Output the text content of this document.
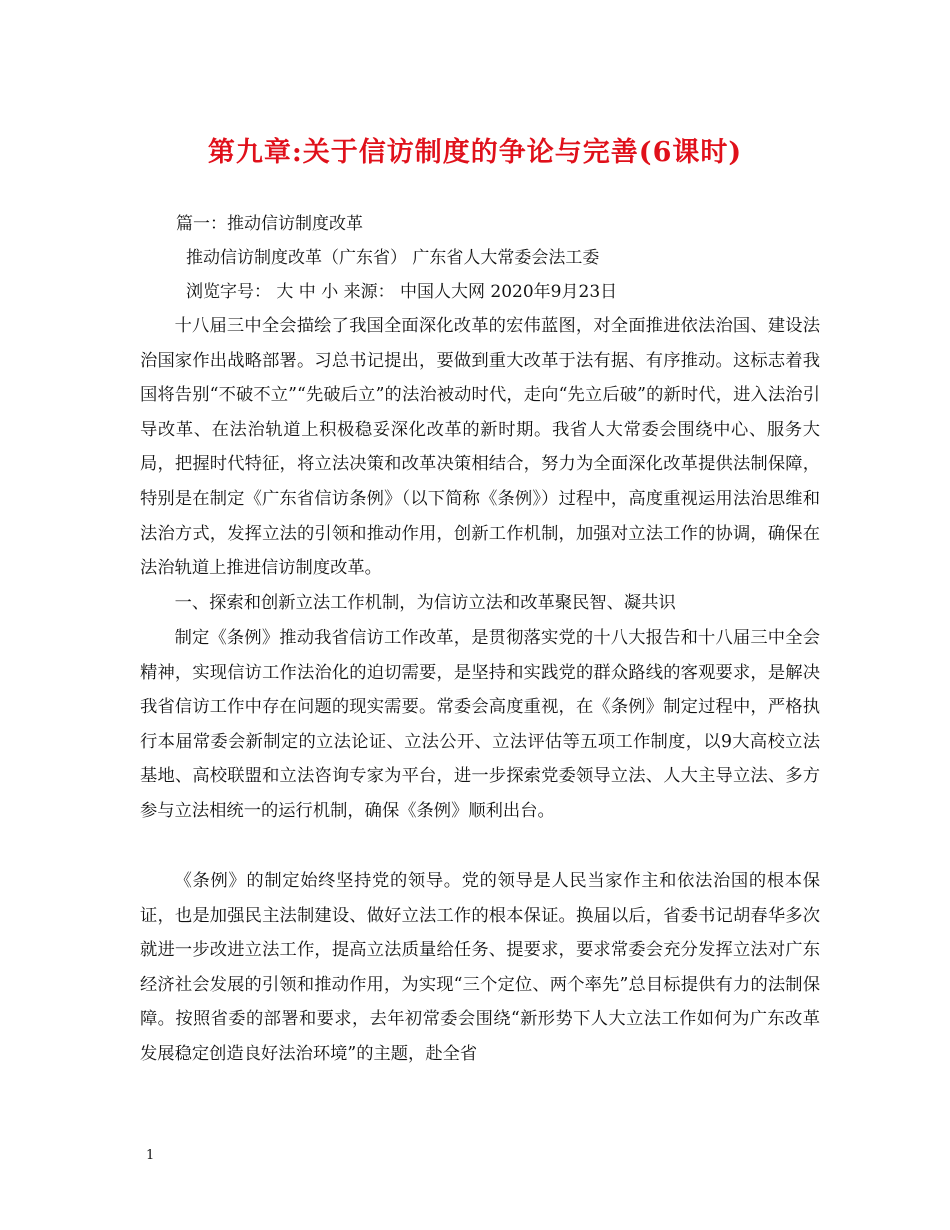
第九章:关于信访制度的争论与完善(6课时)
篇一：推动信访制度改革
推动信访制度改革（广东省） 广东省人大常委会法工委
浏览字号： 大 中 小 来源： 中国人大网 2020年9月23日

十八届三中全会描绘了我国全面深化改革的宏伟蓝图，对全面推进依法治国、建设法治国家作出战略部署。习总书记提出，要做到重大改革于法有据、有序推动。这标志着我国将告别“不破不立”“先破后立”的法治被动时代，走向“先立后破”的新时代，进入法治引导改革、在法治轨道上积极稳妥深化改革的新时期。我省人大常委会围绕中心、服务大局，把握时代特征，将立法决策和改革决策相结合，努力为全面深化改革提供法制保障，特别是在制定《广东省信访条例》（以下简称《条例》）过程中，高度重视运用法治思维和法治方式，发挥立法的引领和推动作用，创新工作机制，加强对立法工作的协调，确保在法治轨道上推进信访制度改革。

一、探索和创新立法工作机制，为信访立法和改革聚民智、凝共识

制定《条例》推动我省信访工作改革，是贯彻落实党的十八大报告和十八届三中全会精神，实现信访工作法治化的迫切需要，是坚持和实践党的群众路线的客观要求，是解决我省信访工作中存在问题的现实需要。常委会高度重视，在《条例》制定过程中，严格执行本届常委会新制定的立法论证、立法公开、立法评估等五项工作制度，以9大高校立法基地、高校联盟和立法咨询专家为平台，进一步探索党委领导立法、人大主导立法、多方参与立法相统一的运行机制，确保《条例》顺利出台。

《条例》的制定始终坚持党的领导。党的领导是人民当家作主和依法治国的根本保证，也是加强民主法制建设、做好立法工作的根本保证。换届以后，省委书记胡春华多次就进一步改进立法工作，提高立法质量给任务、提要求，要求常委会充分发挥立法对广东经济社会发展的引领和推动作用，为实现“三个定位、两个率先”总目标提供有力的法制保障。按照省委的部署和要求，去年初常委会围绕“新形势下人大立法工作如何为广东改革发展稳定创造良好法治环境”的主题，赴全省

1
